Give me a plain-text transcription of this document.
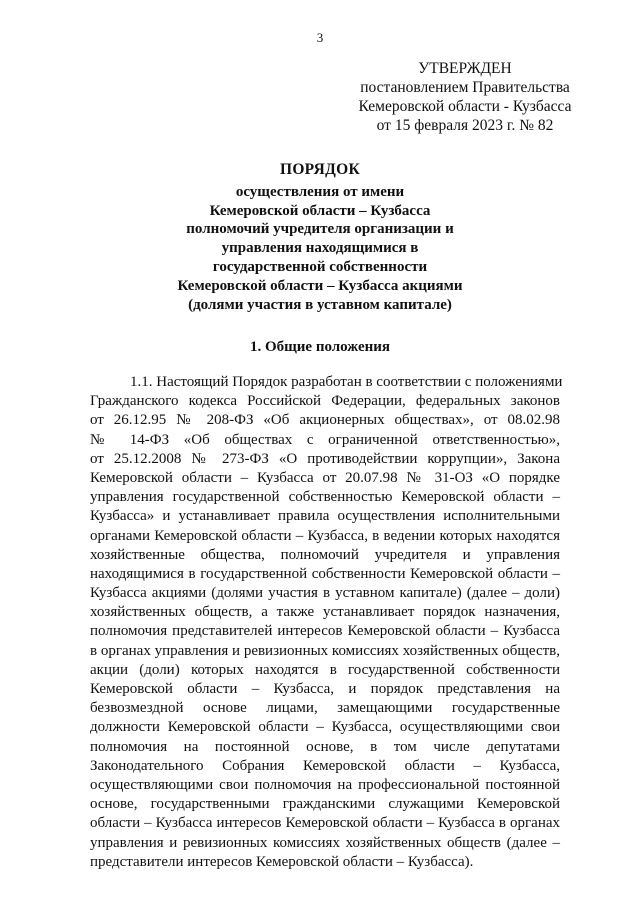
3
УТВЕРЖДЕН
постановлением Правительства
Кемеровской области - Кузбасса
от 15 февраля 2023 г. № 82
ПОРЯДОК
осуществления от имени
Кемеровской области – Кузбасса
полномочий учредителя организации и
управления находящимися в
государственной собственности
Кемеровской области – Кузбасса акциями
(долями участия в уставном капитале)
1. Общие положения
1.1. Настоящий Порядок разработан в соответствии с положениями
Гражданского кодекса Российской Федерации, федеральных законов
от 26.12.95 № 208-ФЗ «Об акционерных обществах», от 08.02.98
№ 14-ФЗ «Об обществах с ограниченной ответственностью»,
от 25.12.2008 № 273-ФЗ «О противодействии коррупции», Закона
Кемеровской области – Кузбасса от 20.07.98 № 31-ОЗ «О порядке
управления государственной собственностью Кемеровской области –
Кузбасса» и устанавливает правила осуществления исполнительными
органами Кемеровской области – Кузбасса, в ведении которых находятся
хозяйственные общества, полномочий учредителя и управления
находящимися в государственной собственности Кемеровской области –
Кузбасса акциями (долями участия в уставном капитале) (далее – доли)
хозяйственных обществ, а также устанавливает порядок назначения,
полномочия представителей интересов Кемеровской области – Кузбасса
в органах управления и ревизионных комиссиях хозяйственных обществ,
акции (доли) которых находятся в государственной собственности
Кемеровской области – Кузбасса, и порядок представления на
безвозмездной основе лицами, замещающими государственные
должности Кемеровской области – Кузбасса, осуществляющими свои
полномочия на постоянной основе, в том числе депутатами
Законодательного Собрания Кемеровской области – Кузбасса,
осуществляющими свои полномочия на профессиональной постоянной
основе, государственными гражданскими служащими Кемеровской
области – Кузбасса интересов Кемеровской области – Кузбасса в органах
управления и ревизионных комиссиях хозяйственных обществ (далее –
представители интересов Кемеровской области – Кузбасса).
